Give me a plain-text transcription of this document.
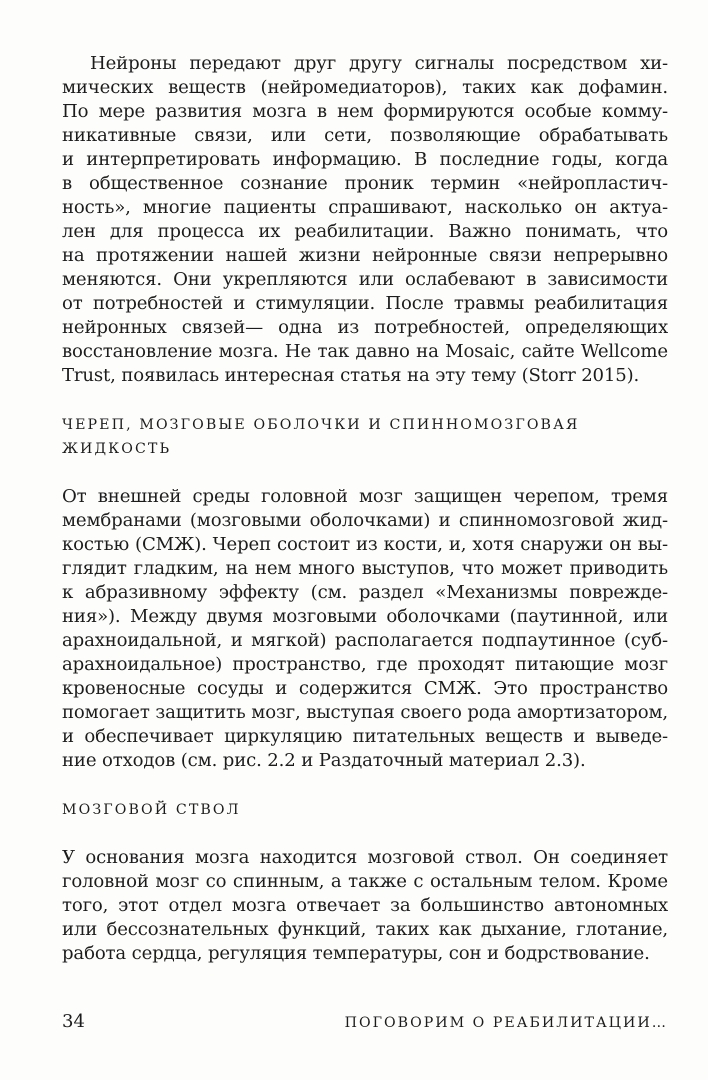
Нейроны передают друг другу сигналы посредством хи-

мических веществ (нейромедиаторов), таких как дофамин.

По мере развития мозга в нем формируются особые комму-

никативные связи, или сети, позволяющие обрабатывать

и интерпретировать информацию. В последние годы, когда

в общественное сознание проник термин «нейропластич-

ность», многие пациенты спрашивают, насколько он актуа-

лен для процесса их реабилитации. Важно понимать, что

на протяжении нашей жизни нейронные связи непрерывно

меняются. Они укрепляются или ослабевают в зависимости

от потребностей и стимуляции. После травмы реабилитация

нейронных связей— одна из потребностей, определяющих

восстановление мозга. Не так давно на Mosaic, сайте Wellcome

Trust, появилась интересная статья на эту тему (Storr 2015).

ЧЕРЕП, МОЗГОВЫЕ ОБОЛОЧКИ И СПИННОМОЗГОВАЯ
ЖИДКОСТЬ

От внешней среды головной мозг защищен черепом, тремя

мембранами (мозговыми оболочками) и спинномозговой жид-

костью (СМЖ). Череп состоит из кости, и, хотя снаружи он вы-

глядит гладким, на нем много выступов, что может приводить

к абразивному эффекту (см. раздел «Механизмы поврежде-

ния»). Между двумя мозговыми оболочками (паутинной, или

арахноидальной, и мягкой) располагается подпаутинное (суб-

арахноидальное) пространство, где проходят питающие мозг

кровеносные сосуды и содержится СМЖ. Это пространство

помогает защитить мозг, выступая своего рода амортизатором,

и обеспечивает циркуляцию питательных веществ и выведе-

ние отходов (см. рис. 2.2 и Раздаточный материал 2.3).

МОЗГОВОЙ СТВОЛ

У основания мозга находится мозговой ствол. Он соединяет

головной мозг со спинным, а также с остальным телом. Кроме

того, этот отдел мозга отвечает за большинство автономных

или бессознательных функций, таких как дыхание, глотание,

работа сердца, регуляция температуры, сон и бодрствование.

34	ПОГОВОРИМ О РЕАБИЛИТАЦИИ…
